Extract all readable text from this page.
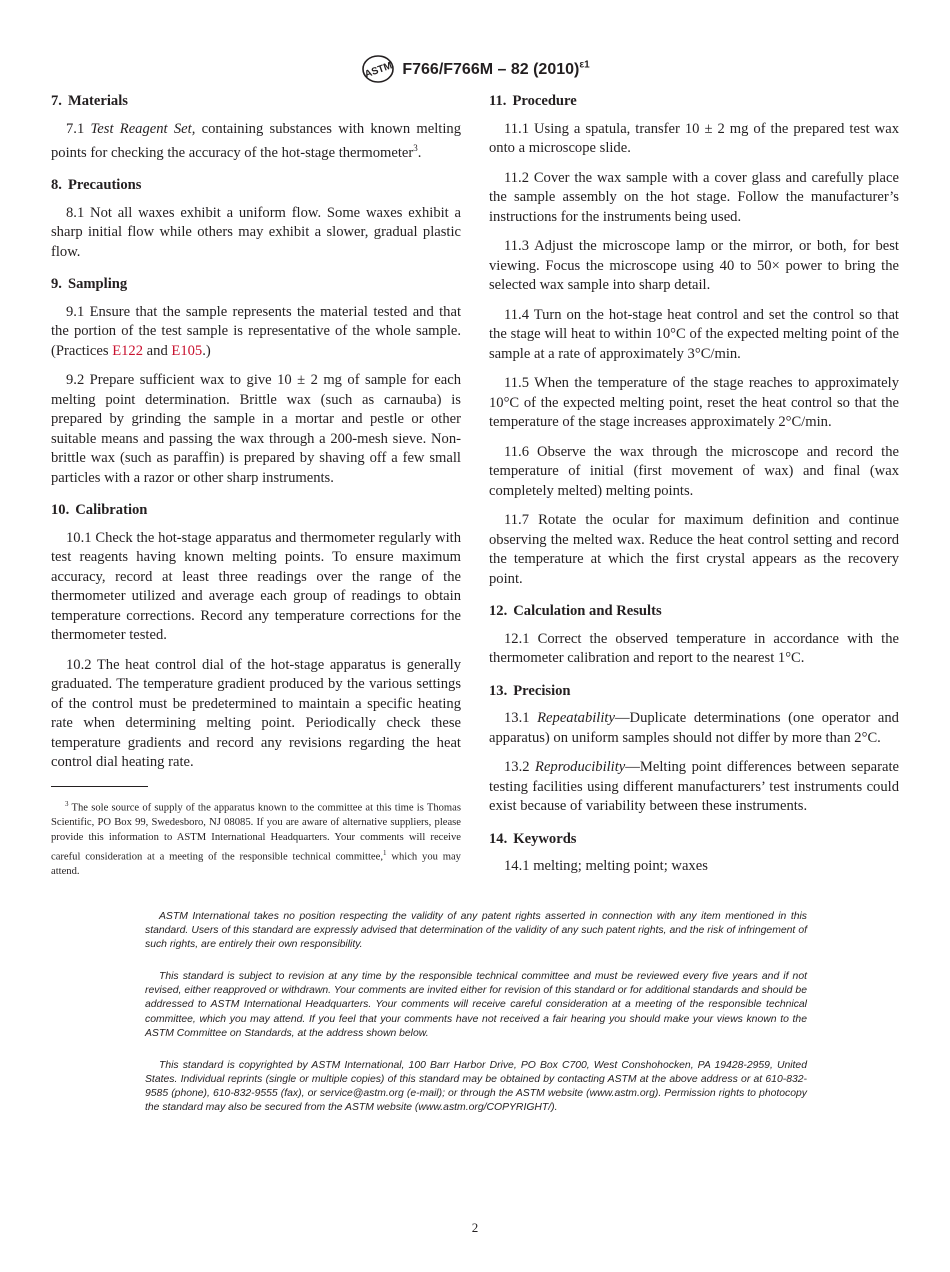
ASTM F766/F766M – 82 $(2010)^{\varepsilon 1}$
7. Materials

7.1 Test Reagent Set, containing substances with known melting points for checking the accuracy of the hot-stage thermometer$^3$.

8. Precautions

8.1 Not all waxes exhibit a uniform flow. Some waxes exhibit a sharp initial flow while others may exhibit a slower, gradual plastic flow.

9. Sampling

9.1 Ensure that the sample represents the material tested and that the portion of the test sample is representative of the whole sample. (Practices E122 and E105.)

9.2 Prepare sufficient wax to give 10 ± 2 mg of sample for each melting point determination. Brittle wax (such as carnauba) is prepared by grinding the sample in a mortar and pestle or other suitable means and passing the wax through a 200-mesh sieve. Non-brittle wax (such as paraffin) is prepared by shaving off a few small particles with a razor or other sharp instruments.

10. Calibration

10.1 Check the hot-stage apparatus and thermometer regularly with test reagents having known melting points. To ensure maximum accuracy, record at least three readings over the range of the thermometer utilized and average each group of readings to obtain temperature corrections. Record any temperature corrections for the thermometer tested.

10.2 The heat control dial of the hot-stage apparatus is generally graduated. The temperature gradient produced by the various settings of the control must be predetermined to maintain a specific heating rate when determining melting point. Periodically check these temperature gradients and record any revisions regarding the heat control dial heating rate.

$^3$ The sole source of supply of the apparatus known to the committee at this time is Thomas Scientific, PO Box 99, Swedesboro, NJ 08085. If you are aware of alternative suppliers, please provide this information to ASTM International Headquarters. Your comments will receive careful consideration at a meeting of the responsible technical committee,$^1$ which you may attend.
11. Procedure

11.1 Using a spatula, transfer 10 ± 2 mg of the prepared test wax onto a microscope slide.

11.2 Cover the wax sample with a cover glass and carefully place the sample assembly on the hot stage. Follow the manufacturer’s instructions for the instruments being used.

11.3 Adjust the microscope lamp or the mirror, or both, for best viewing. Focus the microscope using 40 to 50× power to bring the selected wax sample into sharp detail.

11.4 Turn on the hot-stage heat control and set the control so that the stage will heat to within 10°C of the expected melting point of the sample at a rate of approximately 3°C/min.

11.5 When the temperature of the stage reaches to approximately 10°C of the expected melting point, reset the heat control so that the temperature of the stage increases approximately 2°C/min.

11.6 Observe the wax through the microscope and record the temperature of initial (first movement of wax) and final (wax completely melted) melting points.

11.7 Rotate the ocular for maximum definition and continue observing the melted wax. Reduce the heat control setting and record the temperature at which the first crystal appears as the recovery point.

12. Calculation and Results

12.1 Correct the observed temperature in accordance with the thermometer calibration and report to the nearest 1°C.

13. Precision

13.1 Repeatability—Duplicate determinations (one operator and apparatus) on uniform samples should not differ by more than 2°C.

13.2 Reproducibility—Melting point differences between separate testing facilities using different manufacturers’ test instruments could exist because of variability between these instruments.

14. Keywords

14.1 melting; melting point; waxes

ASTM International takes no position respecting the validity of any patent rights asserted in connection with any item mentioned in this standard. Users of this standard are expressly advised that determination of the validity of any such patent rights, and the risk of infringement of such rights, are entirely their own responsibility.

This standard is subject to revision at any time by the responsible technical committee and must be reviewed every five years and if not revised, either reapproved or withdrawn. Your comments are invited either for revision of this standard or for additional standards and should be addressed to ASTM International Headquarters. Your comments will receive careful consideration at a meeting of the responsible technical committee, which you may attend. If you feel that your comments have not received a fair hearing you should make your views known to the ASTM Committee on Standards, at the address shown below.

This standard is copyrighted by ASTM International, 100 Barr Harbor Drive, PO Box C700, West Conshohocken, PA 19428-2959, United States. Individual reprints (single or multiple copies) of this standard may be obtained by contacting ASTM at the above address or at 610-832-9585 (phone), 610-832-9555 (fax), or service@astm.org (e-mail); or through the ASTM website (www.astm.org). Permission rights to photocopy the standard may also be secured from the ASTM website (www.astm.org/COPYRIGHT/).

2
